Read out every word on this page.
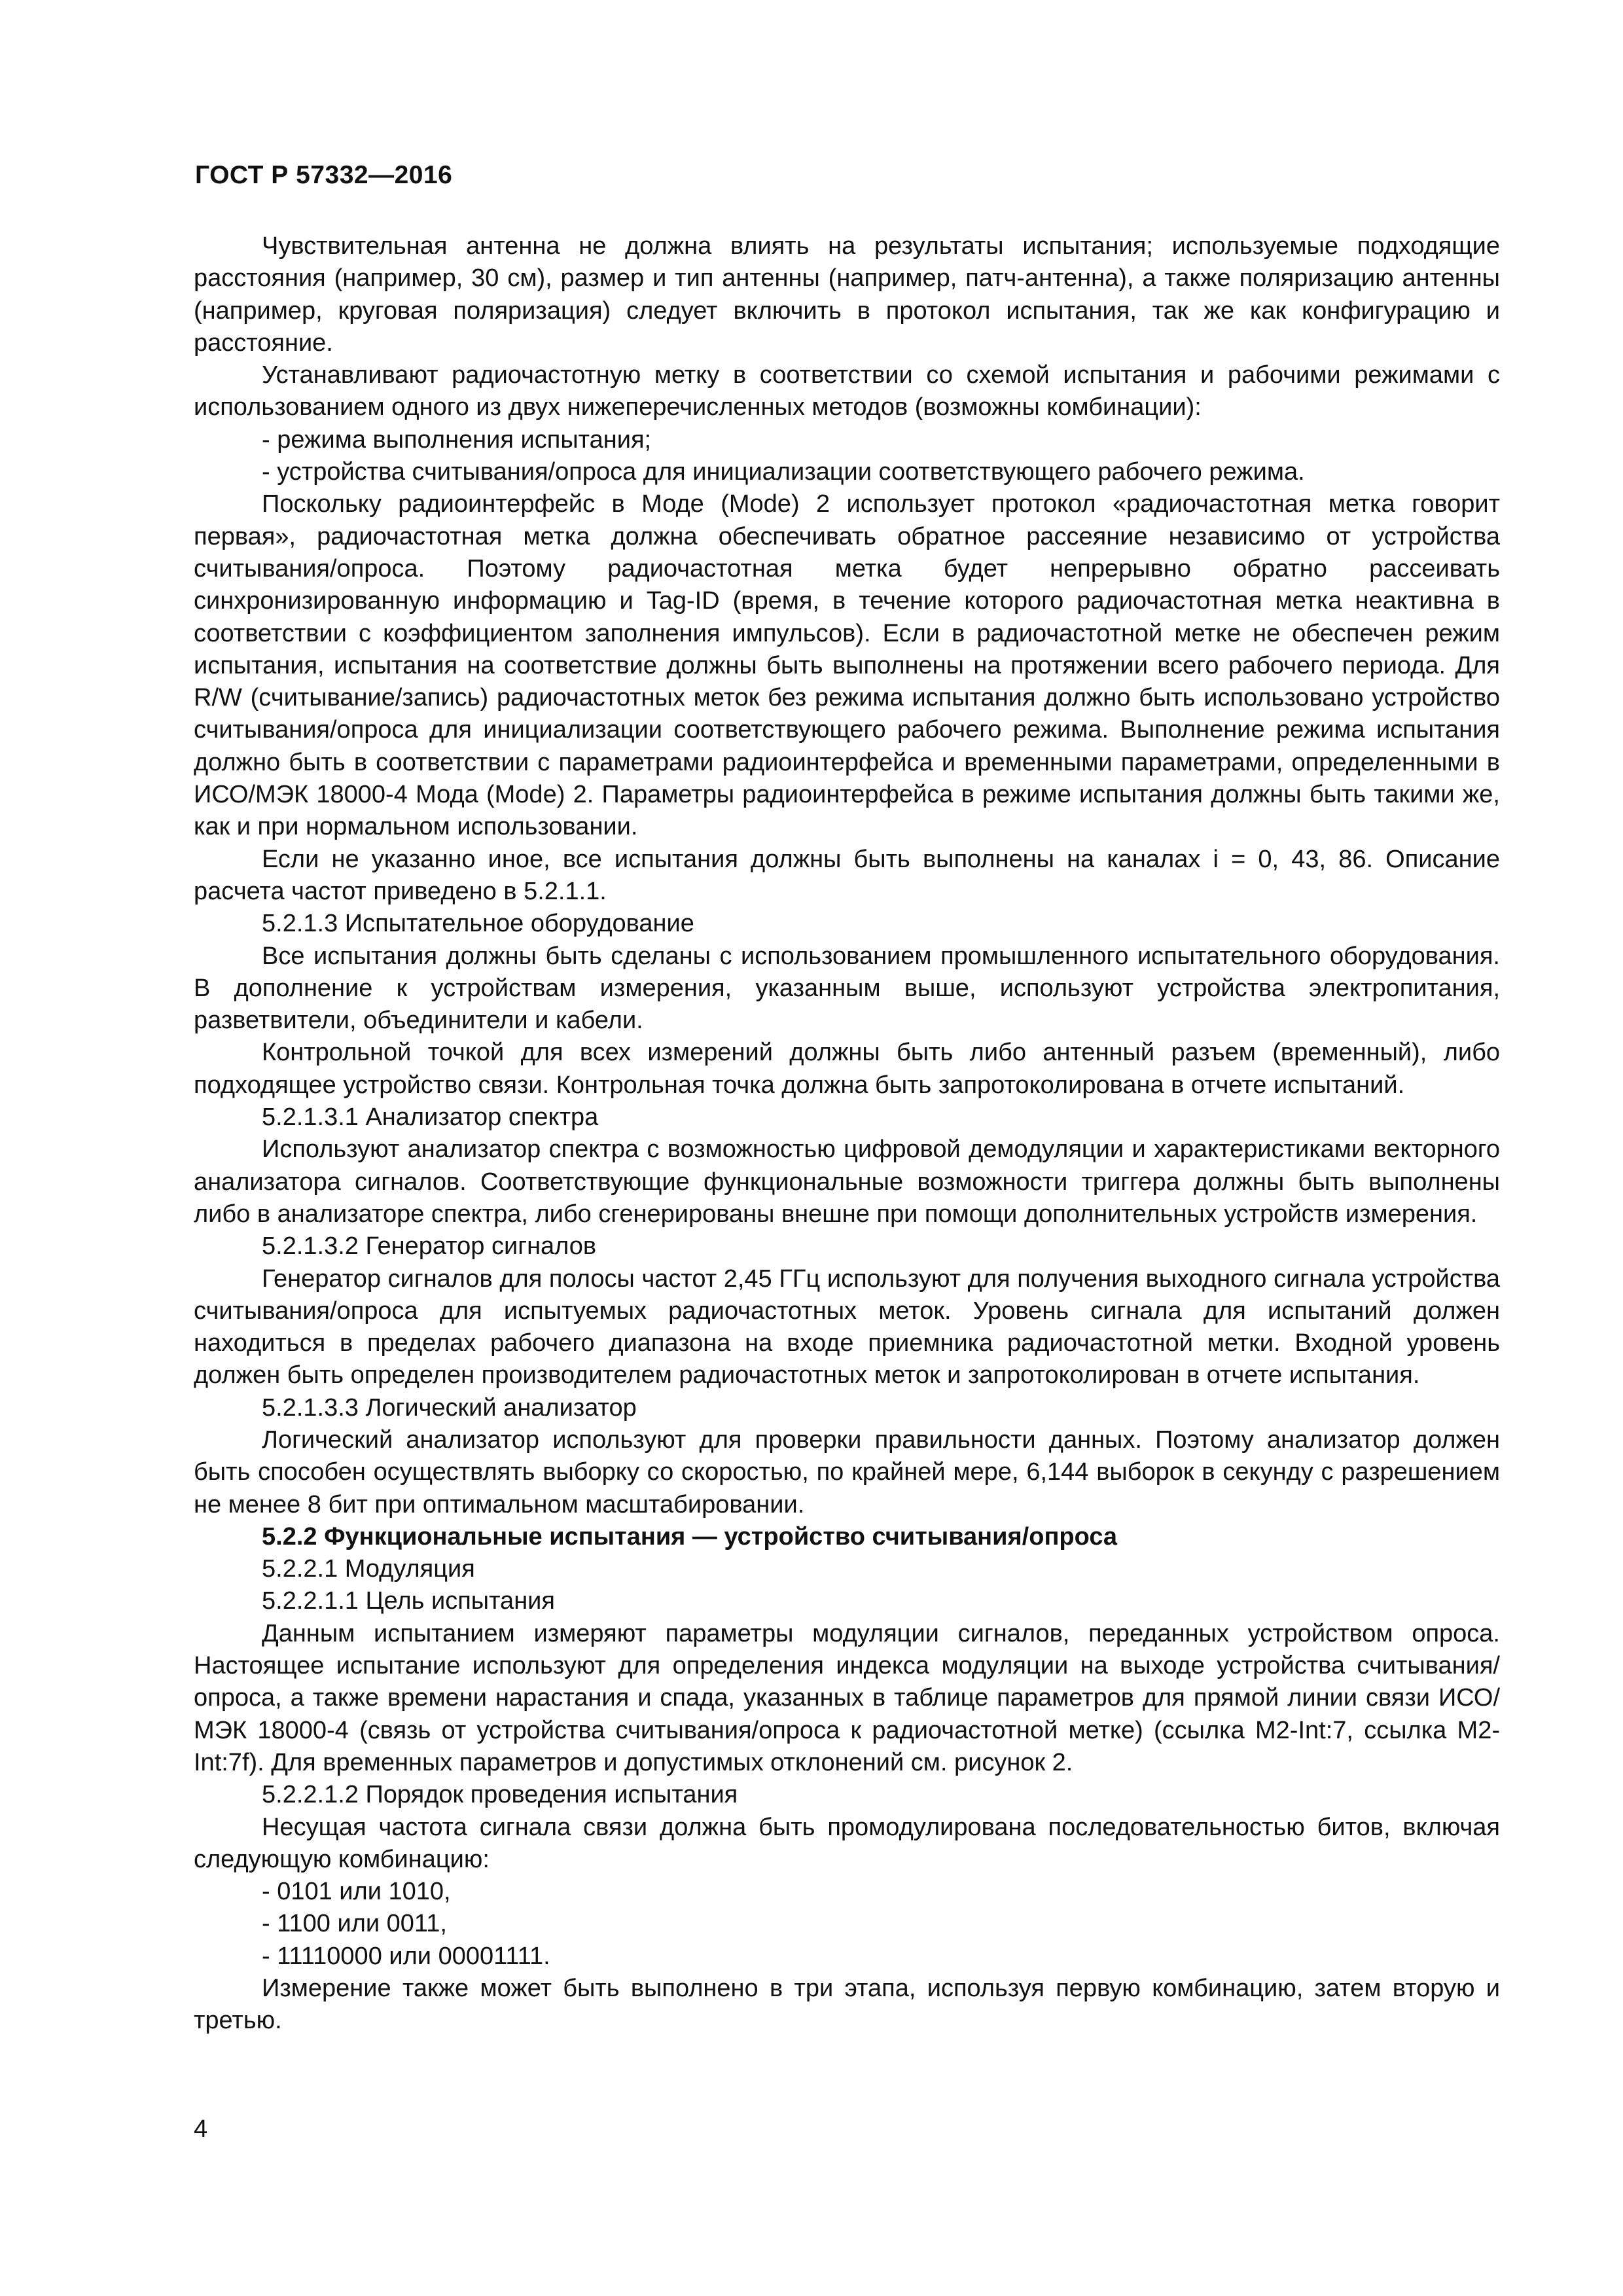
ГОСТ Р 57332—2016

Чувствительная антенна не должна влиять на результаты испытания; используемые подходящие расстояния (например, 30 см), размер и тип антенны (например, патч-антенна), а также поляризацию антенны (например, круговая поляризация) следует включить в протокол испытания, так же как конфигурацию и расстояние.

Устанавливают радиочастотную метку в соответствии со схемой испытания и рабочими режимами с использованием одного из двух нижеперечисленных методов (возможны комбинации):

- режима выполнения испытания;

- устройства считывания/опроса для инициализации соответствующего рабочего режима.

Поскольку радиоинтерфейс в Моде (Mode) 2 использует протокол «радиочастотная метка говорит первая», радиочастотная метка должна обеспечивать обратное рассеяние независимо от устройства считывания/опроса. Поэтому радиочастотная метка будет непрерывно обратно рассеивать синхронизированную информацию и Tag-ID (время, в течение которого радиочастотная метка неактивна в соответствии с коэффициентом заполнения импульсов). Если в радиочастотной метке не обеспечен режим испытания, испытания на соответствие должны быть выполнены на протяжении всего рабочего периода. Для R/W (считывание/запись) радиочастотных меток без режима испытания должно быть использовано устройство считывания/опроса для инициализации соответствующего рабочего режима. Выполнение режима испытания должно быть в соответствии с параметрами радиоинтерфейса и временными параметрами, определенными в ИСО/МЭК 18000-4 Мода (Mode) 2. Параметры радиоинтерфейса в режиме испытания должны быть такими же, как и при нормальном использовании.

Если не указанно иное, все испытания должны быть выполнены на каналах i = 0, 43, 86. Описание расчета частот приведено в 5.2.1.1.

5.2.1.3 Испытательное оборудование

Все испытания должны быть сделаны с использованием промышленного испытательного оборудования. В дополнение к устройствам измерения, указанным выше, используют устройства электропитания, разветвители, объединители и кабели.

Контрольной точкой для всех измерений должны быть либо антенный разъем (временный), либо подходящее устройство связи. Контрольная точка должна быть запротоколирована в отчете испытаний.

5.2.1.3.1 Анализатор спектра

Используют анализатор спектра с возможностью цифровой демодуляции и характеристиками векторного анализатора сигналов. Соответствующие функциональные возможности триггера должны быть выполнены либо в анализаторе спектра, либо сгенерированы внешне при помощи дополнительных устройств измерения.

5.2.1.3.2 Генератор сигналов

Генератор сигналов для полосы частот 2,45 ГГц используют для получения выходного сигнала устройства считывания/опроса для испытуемых радиочастотных меток. Уровень сигнала для испытаний должен находиться в пределах рабочего диапазона на входе приемника радиочастотной метки. Входной уровень должен быть определен производителем радиочастотных меток и запротоколирован в отчете испытания.

5.2.1.3.3 Логический анализатор

Логический анализатор используют для проверки правильности данных. Поэтому анализатор должен быть способен осуществлять выборку со скоростью, по крайней мере, 6,144 выборок в секунду с разрешением не менее 8 бит при оптимальном масштабировании.

5.2.2 Функциональные испытания — устройство считывания/опроса

5.2.2.1 Модуляция

5.2.2.1.1 Цель испытания

Данным испытанием измеряют параметры модуляции сигналов, переданных устройством опроса. Настоящее испытание используют для определения индекса модуляции на выходе устройства считывания/опроса, а также времени нарастания и спада, указанных в таблице параметров для прямой линии связи ИСО/МЭК 18000-4 (связь от устройства считывания/опроса к радиочастотной метке) (ссылка M2-Int:7, ссылка M2-Int:7f). Для временных параметров и допустимых отклонений см. рисунок 2.

5.2.2.1.2 Порядок проведения испытания

Несущая частота сигнала связи должна быть промодулирована последовательностью битов, включая следующую комбинацию:

- 0101 или 1010,

- 1100 или 0011,

- 11110000 или 00001111.

Измерение также может быть выполнено в три этапа, используя первую комбинацию, затем вторую и третью.

4
